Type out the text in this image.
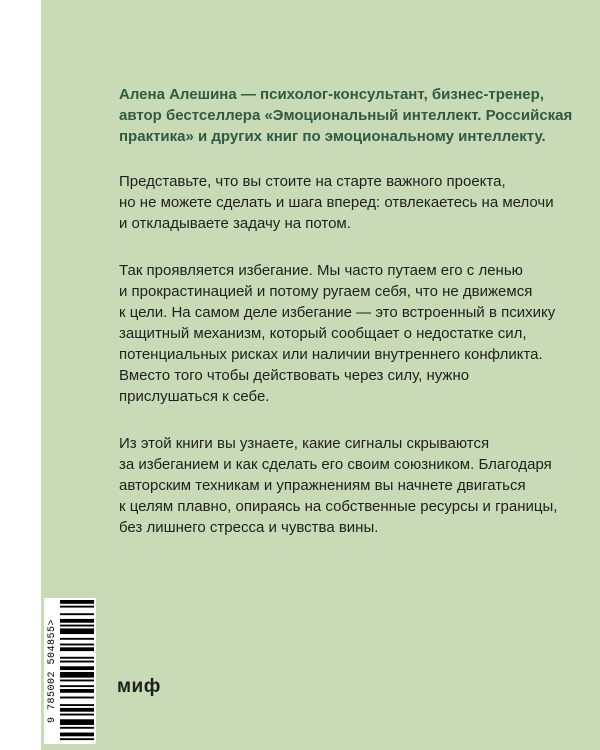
Алена Алешина — психолог-консультант, бизнес-тренер,
автор бестселлера «Эмоциональный интеллект. Российская
практика» и других книг по эмоциональному интеллекту.

Представьте, что вы стоите на старте важного проекта,
но не можете сделать и шага вперед: отвлекаетесь на мелочи
и откладываете задачу на потом.

Так проявляется избегание. Мы часто путаем его с ленью
и прокрастинацией и потому ругаем себя, что не движемся
к цели. На самом деле избегание — это встроенный в психику
защитный механизм, который сообщает о недостатке сил,
потенциальных рисках или наличии внутреннего конфликта.
Вместо того чтобы действовать через силу, нужно
прислушаться к себе.

Из этой книги вы узнаете, какие сигналы скрываются
за избеганием и как сделать его своим союзником. Благодаря
авторским техникам и упражнениям вы начнете двигаться
к целям плавно, опираясь на собственные ресурсы и границы,
без лишнего стресса и чувства вины.

9 785002 504855>
миф
